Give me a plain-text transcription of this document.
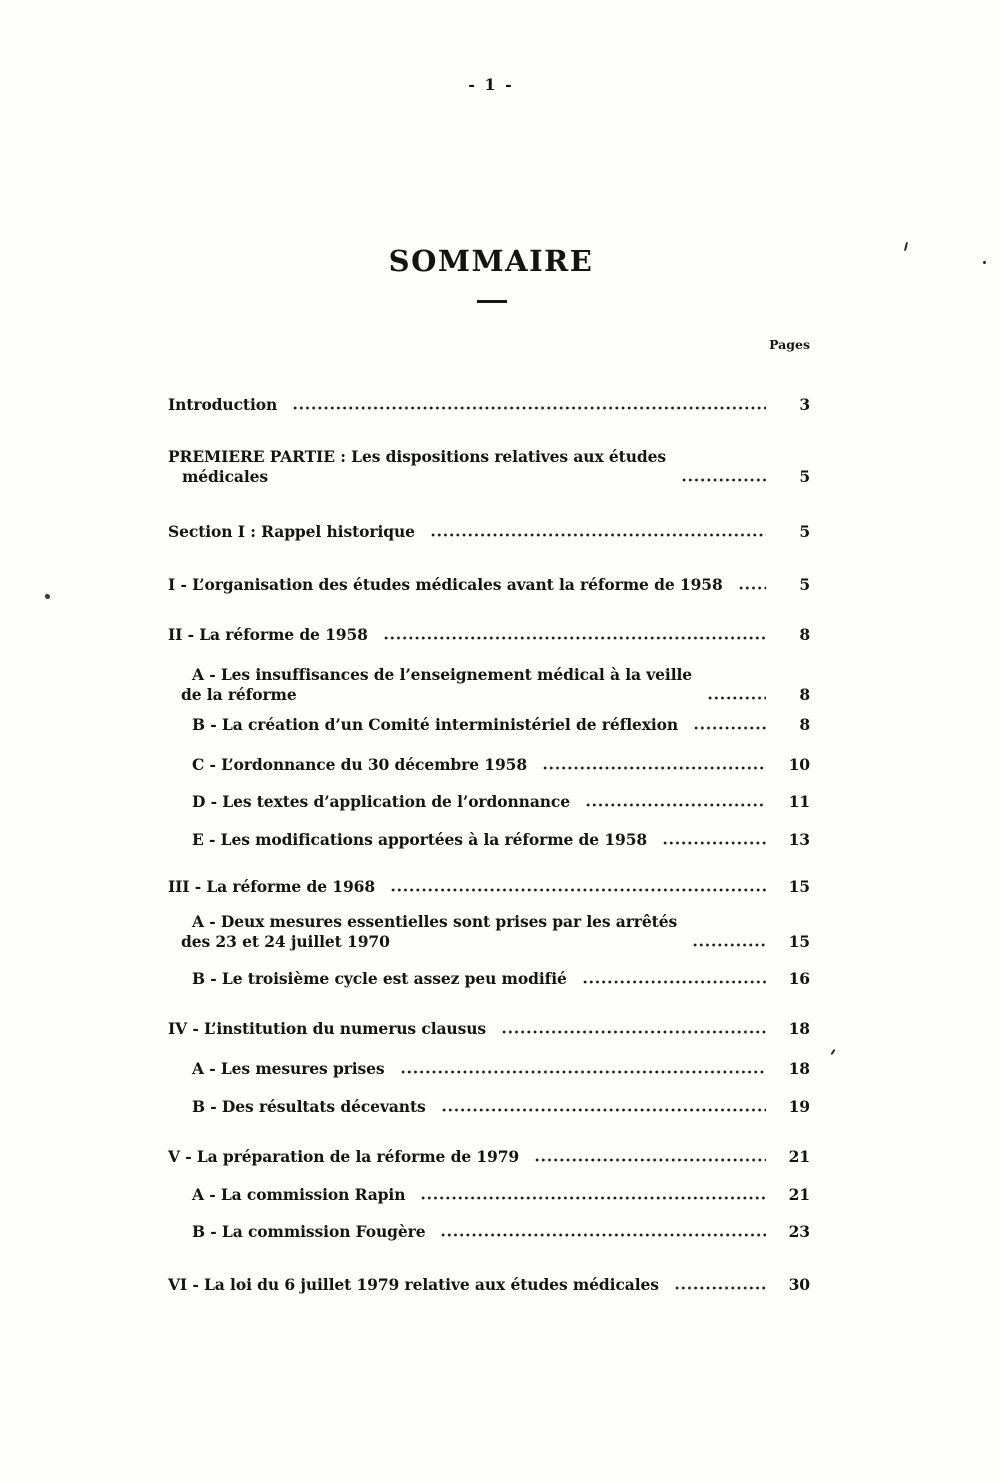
- 1 -
SOMMAIRE
Pages
Introduction	3
PREMIERE PARTIE : Les dispositions relatives aux études
médicales	5
Section I : Rappel historique	5
I - L’organisation des études médicales avant la réforme de 1958	5
II - La réforme de 1958	8
A - Les insuffisances de l’enseignement médical à la veille
de la réforme	8
B - La création d’un Comité interministériel de réflexion	8
C - L’ordonnance du 30 décembre 1958	10
D - Les textes d’application de l’ordonnance	11
E - Les modifications apportées à la réforme de 1958	13
III - La réforme de 1968	15
A - Deux mesures essentielles sont prises par les arrêtés
des 23 et 24 juillet 1970	15
B - Le troisième cycle est assez peu modifié	16
IV - L’institution du numerus clausus	18
A - Les mesures prises	18
B - Des résultats décevants	19
V - La préparation de la réforme de 1979	21
A - La commission Rapin	21
B - La commission Fougère	23
VI - La loi du 6 juillet 1979 relative aux études médicales	30
